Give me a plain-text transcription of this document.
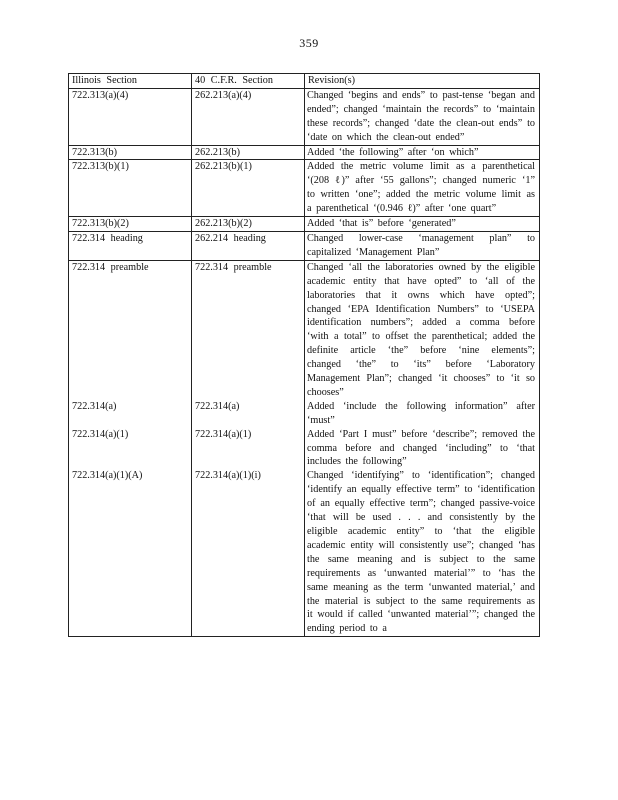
359
Illinois Section	40 C.F.R. Section	Revision(s)
722.313(a)(4)	262.213(a)(4)	Changed ‘begins and ends” to past-tense ‘began and ended”; changed ‘maintain the records” to ‘maintain these records”; changed ‘date the clean-out ends” to ‘date on which the clean-out ended”
722.313(b)	262.213(b)	Added ‘the following” after ‘on which”
722.313(b)(1)	262.213(b)(1)	Added the metric volume limit as a parenthetical ‘(208 ℓ)” after ‘55 gallons”; changed numeric ‘1” to written ‘one”; added the metric volume limit as a parenthetical ‘(0.946 ℓ)” after ‘one quart”
722.313(b)(2)	262.213(b)(2)	Added ‘that is” before ‘generated”
722.314 heading	262.214 heading	Changed lower-case ‘management plan” to capitalized ‘Management Plan”
722.314 preamble	722.314 preamble	Changed ‘all the laboratories owned by the eligible academic entity that have opted” to ‘all of the laboratories that it owns which have opted”; changed ‘EPA Identification Numbers” to ‘USEPA identification numbers”; added a comma before ‘with a total” to offset the parenthetical; added the definite article ‘the” before ‘nine elements”; changed ‘the” to ‘its” before ‘Laboratory Management Plan”; changed ‘it chooses” to ‘it so chooses”
722.314(a)	722.314(a)	Added ‘include the following information” after ‘must”
722.314(a)(1)	722.314(a)(1)	Added ‘Part I must” before ‘describe”; removed the comma before and changed ‘including” to ‘that includes the following”
722.314(a)(1)(A)	722.314(a)(1)(i)	Changed ‘identifying” to ‘identification”; changed ‘identify an equally effective term” to ‘identification of an equally effective term”; changed passive-voice ‘that will be used . . . and consistently by the eligible academic entity” to ‘that the eligible academic entity will consistently use”; changed ‘has the same meaning and is subject to the same requirements as ‘unwanted material’” to ‘has the same meaning as the term ‘unwanted material,’ and the material is subject to the same requirements as it would if called ‘unwanted material’”; changed the ending period to a
